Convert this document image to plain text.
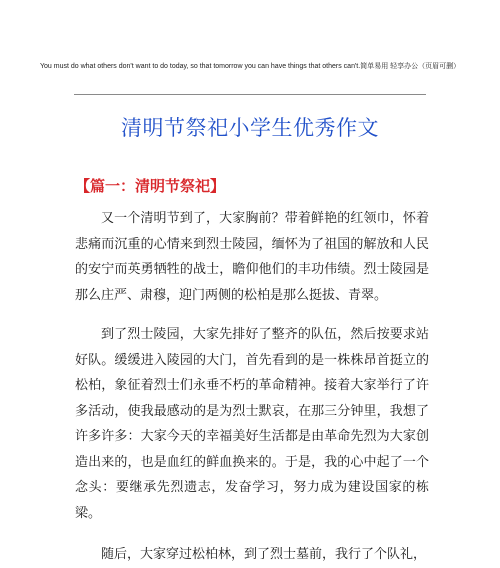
You must do what others don't want to do today, so that tomorrow you can have things that others can't.简单易用 轻享办公（页眉可删）
清明节祭祀小学生优秀作文
【篇一：清明节祭祀】

又一个清明节到了，大家胸前？带着鲜艳的红领巾，怀着悲痛而沉重的心情来到烈士陵园，缅怀为了祖国的解放和人民的安宁而英勇牺牲的战士，瞻仰他们的丰功伟绩。烈士陵园是那么庄严、肃穆，迎门两侧的松柏是那么挺拔、青翠。

到了烈士陵园，大家先排好了整齐的队伍，然后按要求站好队。缓缓进入陵园的大门，首先看到的是一株株昂首挺立的松柏，象征着烈士们永垂不朽的革命精神。接着大家举行了许多活动，使我最感动的是为烈士默哀，在那三分钟里，我想了许多许多：大家今天的幸福美好生活都是由革命先烈为大家创造出来的，也是血红的鲜血换来的。于是，我的心中起了一个念头：要继承先烈遗志，发奋学习，努力成为建设国家的栋梁。

随后，大家穿过松柏林，到了烈士墓前，我行了个队礼，
